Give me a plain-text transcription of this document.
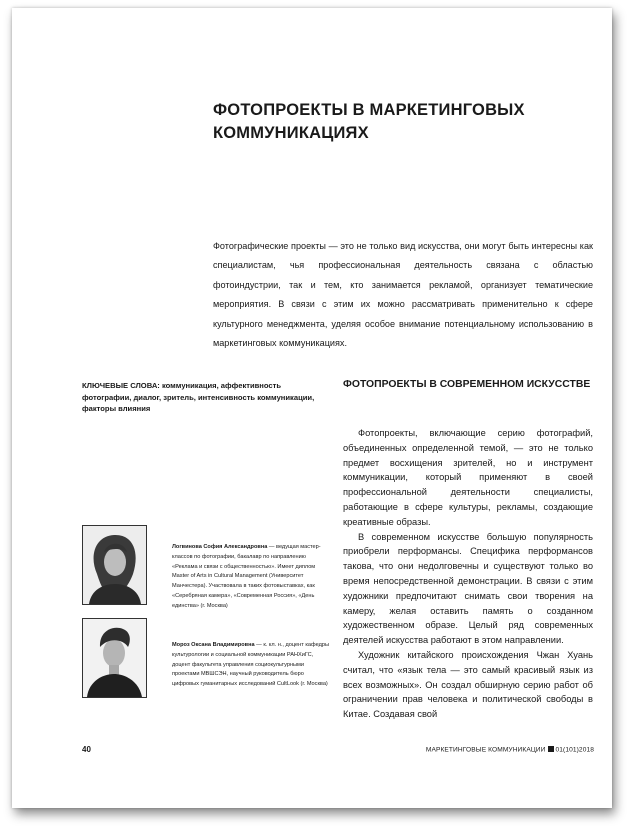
ФОТОПРОЕКТЫ В МАРКЕТИНГОВЫХ КОММУНИКАЦИЯХ

Фотографические проекты — это не только вид искусства, они могут быть интересны как специалистам, чья профессиональная деятельность связана с областью фотоиндустрии, так и тем, кто занимается рекламой, организует тематические мероприятия. В связи с этим их можно рассматривать применительно к сфере культурного менеджмента, уделяя особое внимание потенциальному использованию в маркетинговых коммуникациях.

КЛЮЧЕВЫЕ СЛОВА: коммуникация, аффективность фотографии, диалог, зритель, интенсивность коммуникации, факторы влияния

Логвинова София Александровна — ведущая мастер-классов по фотографии, бакалавр по направлению «Реклама и связи с общественностью». Имеет диплом Master of Arts in Cultural Management (Университет Манчестера). Участвовала в таких фотовыставках, как «Серебряная камера», «Современная Россия», «День единства» (г. Москва)

Мороз Оксана Владимировна — к. кл. н., доцент кафедры культурологии и социальной коммуникации РАНХиГС, доцент факультета управления социокультурными проектами МВШСЭН, научный руководитель бюро цифровых гуманитарных исследований CultLook (г. Москва)

ФОТОПРОЕКТЫ В СОВРЕМЕННОМ ИСКУССТВЕ

Фотопроекты, включающие серию фотографий, объединенных определенной темой, — это не только предмет восхищения зрителей, но и инструмент коммуникации, который применяют в своей профессиональной деятельности специалисты, работающие в сфере культуры, рекламы, создающие креативные образы.

В современном искусстве большую популярность приобрели перформансы. Специфика перформансов такова, что они недолговечны и существуют только во время непосредственной демонстрации. В связи с этим художники предпочитают снимать свои творения на камеру, желая оставить память о созданном художественном образе. Целый ряд современных деятелей искусства работают в этом направлении.

Художник китайского происхождения Чжан Хуань считал, что «язык тела — это самый красивый язык из всех возможных». Он создал обширную серию работ об ограничении прав человека и политической свободы в Китае. Создавая свой

40	МАРКЕТИНГОВЫЕ КОММУНИКАЦИИ 01(101)2018
